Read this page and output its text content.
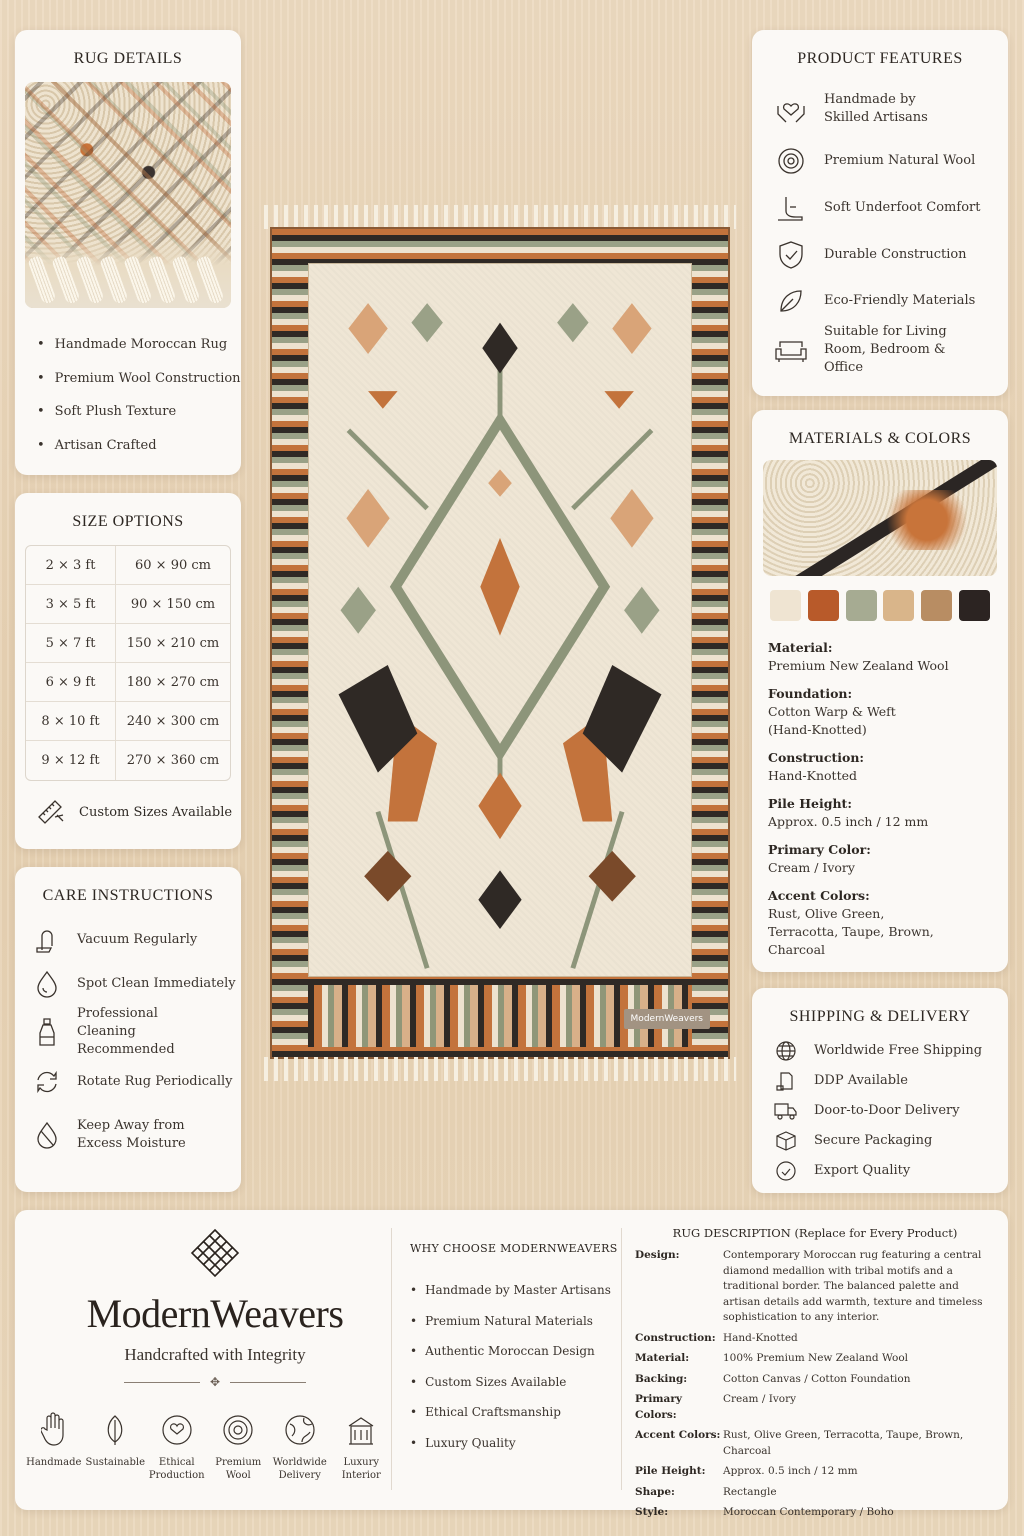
RUG DETAILS
• Handmade Moroccan Rug
• Premium Wool Construction
• Soft Plush Texture
• Artisan Crafted
SIZE OPTIONS
2 × 3 ft	60 × 90 cm
3 × 5 ft	90 × 150 cm
5 × 7 ft	150 × 210 cm
6 × 9 ft	180 × 270 cm
8 × 10 ft	240 × 300 cm
9 × 12 ft	270 × 360 cm
Custom Sizes Available
CARE INSTRUCTIONS
Vacuum Regularly
Spot Clean Immediately
Professional Cleaning Recommended
Rotate Rug Periodically
Keep Away from Excess Moisture
ModernWeavers
PRODUCT FEATURES
Handmade by Skilled Artisans
Premium Natural Wool
Soft Underfoot Comfort
Durable Construction
Eco-Friendly Materials
Suitable for Living Room, Bedroom & Office
MATERIALS & COLORS
Material:
Premium New Zealand Wool
Foundation:
Cotton Warp & Weft (Hand-Knotted)
Construction:
Hand-Knotted
Pile Height:
Approx. 0.5 inch / 12 mm
Primary Color:
Cream / Ivory
Accent Colors:
Rust, Olive Green, Terracotta, Taupe, Brown, Charcoal
SHIPPING & DELIVERY
Worldwide Free Shipping
DDP Available
Door-to-Door Delivery
Secure Packaging
Export Quality
ModernWeavers
Handcrafted with Integrity
✥
Handmade Sustainable	Ethical Production
Premium Wool
Worldwide Delivery
Luxury Interior
WHY CHOOSE MODERNWEAVERS
• Handmade by Master Artisans
• Premium Natural Materials
• Authentic Moroccan Design
• Custom Sizes Available
• Ethical Craftsmanship
• Luxury Quality
RUG DESCRIPTION (Replace for Every Product)
Design:	Contemporary Moroccan rug featuring a central diamond medallion with tribal motifs and a traditional border. The balanced palette and artisan details add warmth, texture and timeless sophistication to any interior.
Construction: Hand-Knotted
Material:	100% Premium New Zealand Wool
Backing:	Cotton Canvas / Cotton Foundation
Primary Colors:
Cream / Ivory
Accent Colors: Rust, Olive Green, Terracotta, Taupe, Brown, Charcoal
Pile Height:	Approx. 0.5 inch / 12 mm
Shape:	Rectangle
Style:	Moroccan Contemporary / Boho
